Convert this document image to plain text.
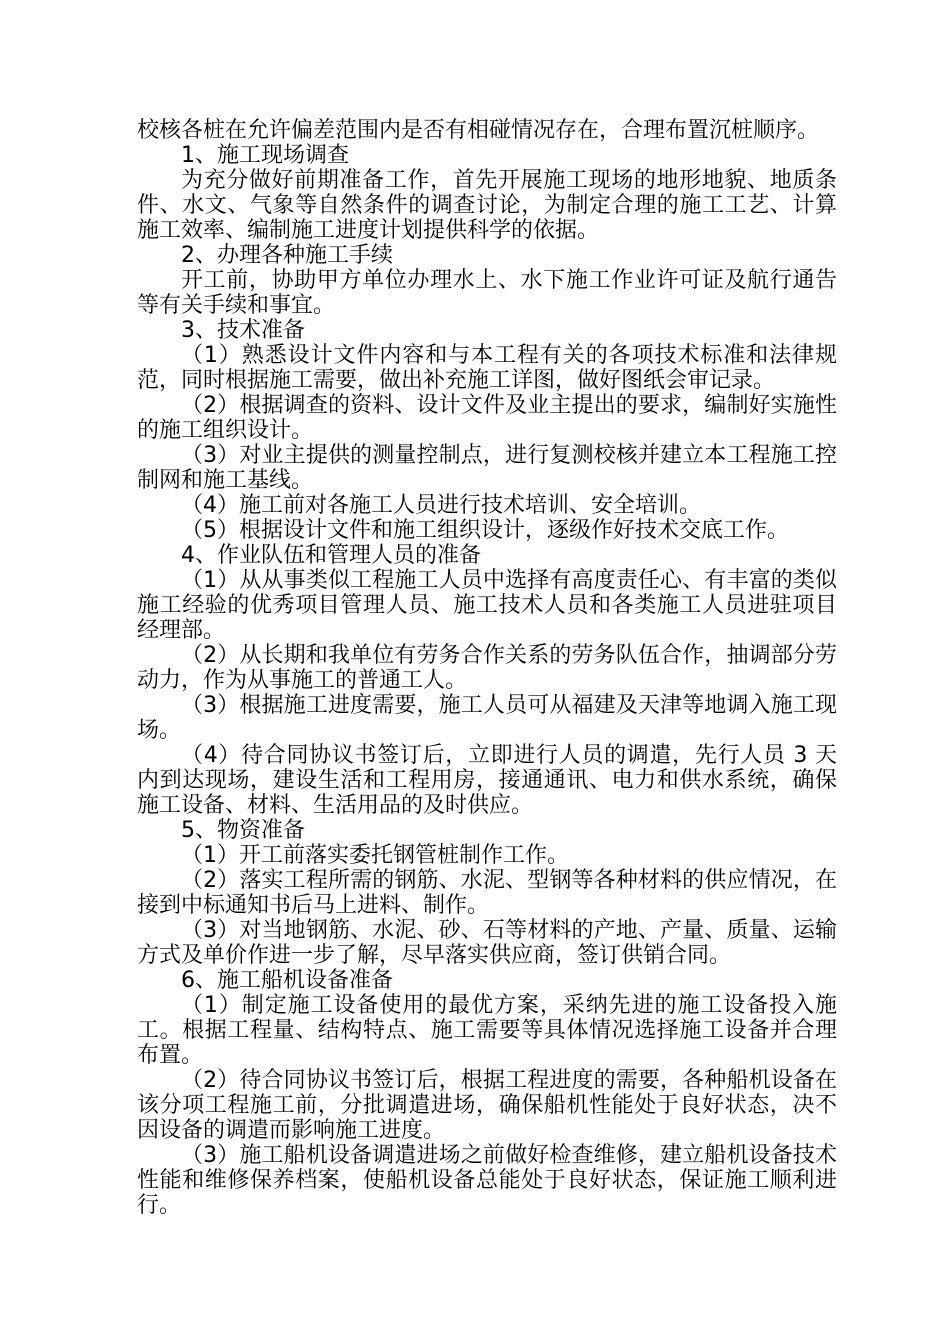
校核各桩在允许偏差范围内是否有相碰情况存在，合理布置沉桩顺序。

1、施工现场调查

为充分做好前期准备工作，首先开展施工现场的地形地貌、地质条件、水文、气象等自然条件的调查讨论，为制定合理的施工工艺、计算施工效率、编制施工进度计划提供科学的依据。

2、办理各种施工手续

开工前，协助甲方单位办理水上、水下施工作业许可证及航行通告等有关手续和事宜。

3、技术准备

（1）熟悉设计文件内容和与本工程有关的各项技术标准和法律规范，同时根据施工需要，做出补充施工详图，做好图纸会审记录。

（2）根据调查的资料、设计文件及业主提出的要求，编制好实施性的施工组织设计。

（3）对业主提供的测量控制点，进行复测校核并建立本工程施工控制网和施工基线。

（4）施工前对各施工人员进行技术培训、安全培训。

（5）根据设计文件和施工组织设计，逐级作好技术交底工作。

4、作业队伍和管理人员的准备

（1）从从事类似工程施工人员中选择有高度责任心、有丰富的类似施工经验的优秀项目管理人员、施工技术人员和各类施工人员进驻项目经理部。

（2）从长期和我单位有劳务合作关系的劳务队伍合作，抽调部分劳动力，作为从事施工的普通工人。

（3）根据施工进度需要，施工人员可从福建及天津等地调入施工现场。

（4）待合同协议书签订后，立即进行人员的调遣，先行人员 3 天内到达现场，建设生活和工程用房，接通通讯、电力和供水系统，确保施工设备、材料、生活用品的及时供应。

5、物资准备

（1）开工前落实委托钢管桩制作工作。

（2）落实工程所需的钢筋、水泥、型钢等各种材料的供应情况，在接到中标通知书后马上进料、制作。

（3）对当地钢筋、水泥、砂、石等材料的产地、产量、质量、运输方式及单价作进一步了解，尽早落实供应商，签订供销合同。

6、施工船机设备准备

（1）制定施工设备使用的最优方案，采纳先进的施工设备投入施工。根据工程量、结构特点、施工需要等具体情况选择施工设备并合理布置。

（2）待合同协议书签订后，根据工程进度的需要，各种船机设备在该分项工程施工前，分批调遣进场，确保船机性能处于良好状态，决不因设备的调遣而影响施工进度。

（3）施工船机设备调遣进场之前做好检查维修，建立船机设备技术性能和维修保养档案，使船机设备总能处于良好状态，保证施工顺利进行。
